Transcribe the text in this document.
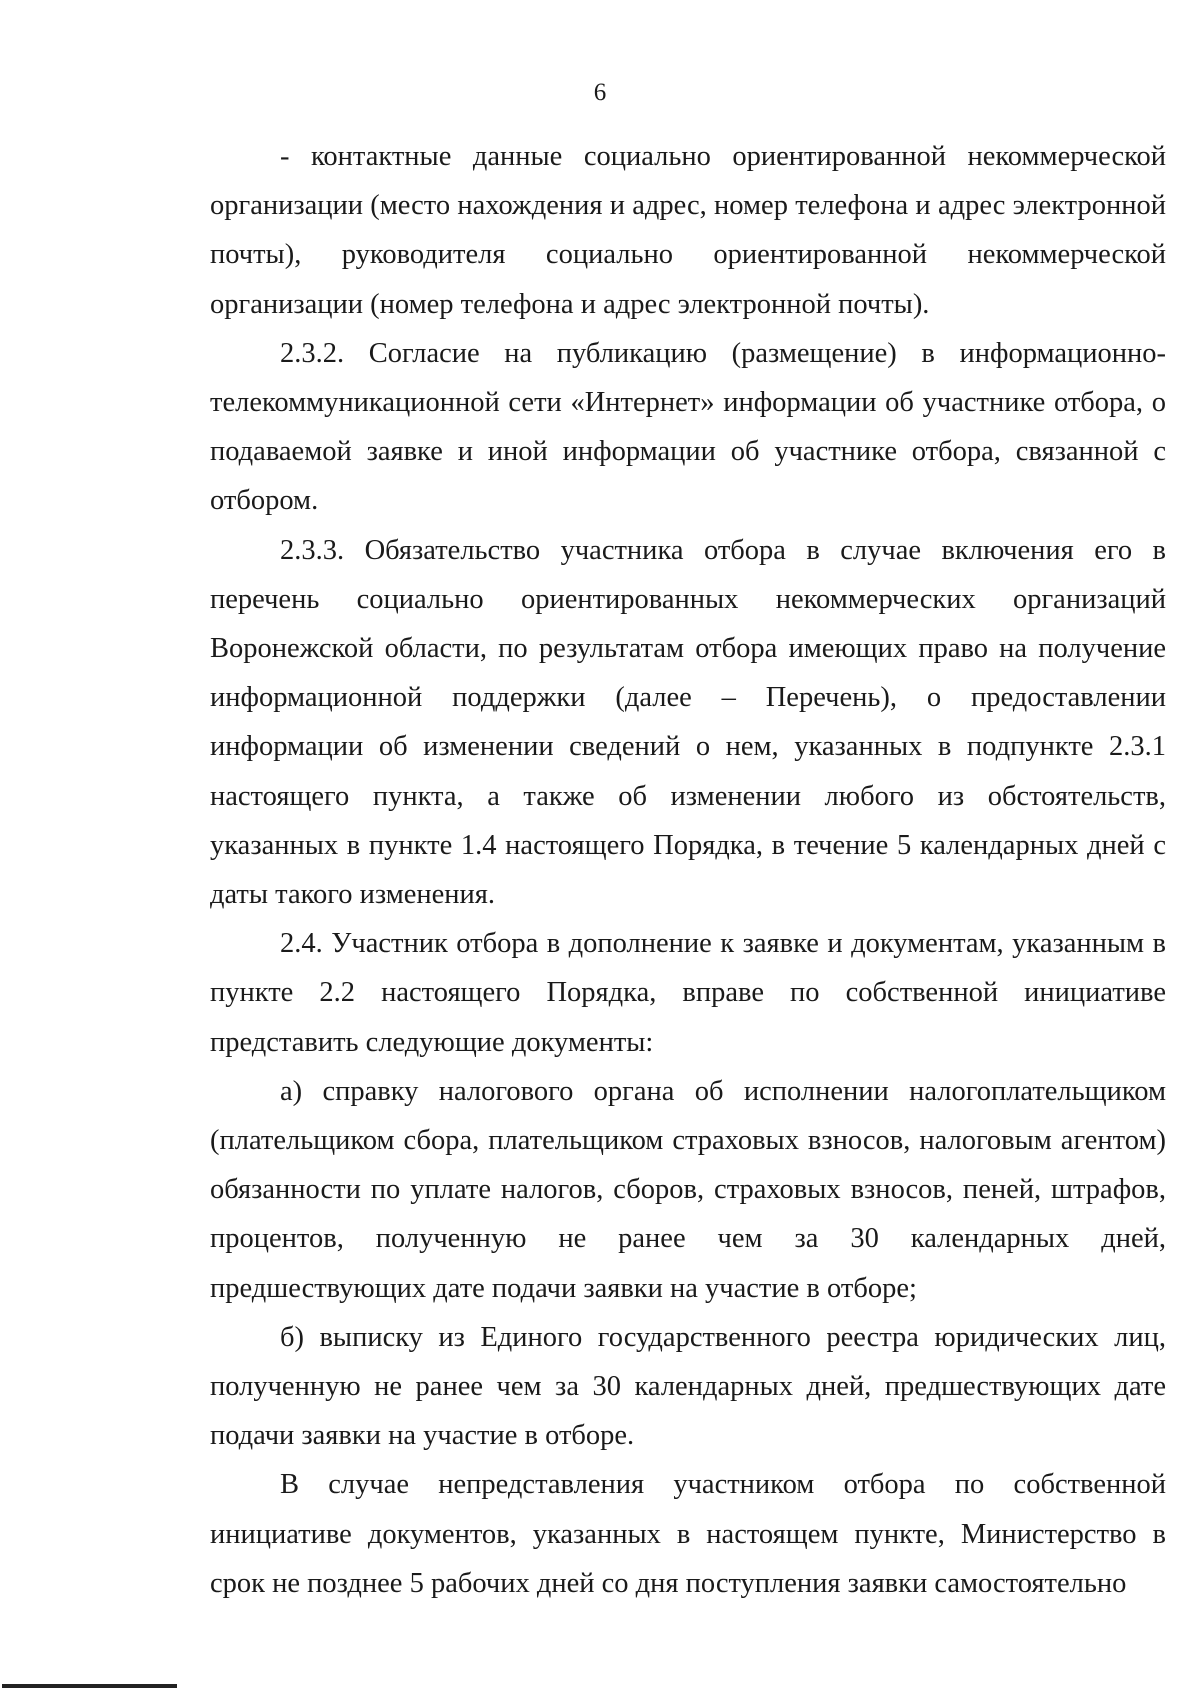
6

- контактные данные социально ориентированной некоммерческой организации (место нахождения и адрес, номер телефона и адрес электронной почты), руководителя социально ориентированной некоммерческой организации (номер телефона и адрес электронной почты).

2.3.2. Согласие на публикацию (размещение) в информационно-телекоммуникационной сети «Интернет» информации об участнике отбора, о подаваемой заявке и иной информации об участнике отбора, связанной с отбором.

2.3.3. Обязательство участника отбора в случае включения его в перечень социально ориентированных некоммерческих организаций Воронежской области, по результатам отбора имеющих право на получение информационной поддержки (далее – Перечень), о предоставлении информации об изменении сведений о нем, указанных в подпункте 2.3.1 настоящего пункта, а также об изменении любого из обстоятельств, указанных в пункте 1.4 настоящего Порядка, в течение 5 календарных дней с даты такого изменения.

2.4. Участник отбора в дополнение к заявке и документам, указанным в пункте 2.2 настоящего Порядка, вправе по собственной инициативе представить следующие документы:

а) справку налогового органа об исполнении налогоплательщиком (плательщиком сбора, плательщиком страховых взносов, налоговым агентом) обязанности по уплате налогов, сборов, страховых взносов, пеней, штрафов, процентов, полученную не ранее чем за 30 календарных дней, предшествующих дате подачи заявки на участие в отборе;

б) выписку из Единого государственного реестра юридических лиц, полученную не ранее чем за 30 календарных дней, предшествующих дате подачи заявки на участие в отборе.

В случае непредставления участником отбора по собственной инициативе документов, указанных в настоящем пункте, Министерство в срок не позднее 5 рабочих дней со дня поступления заявки самостоятельно
